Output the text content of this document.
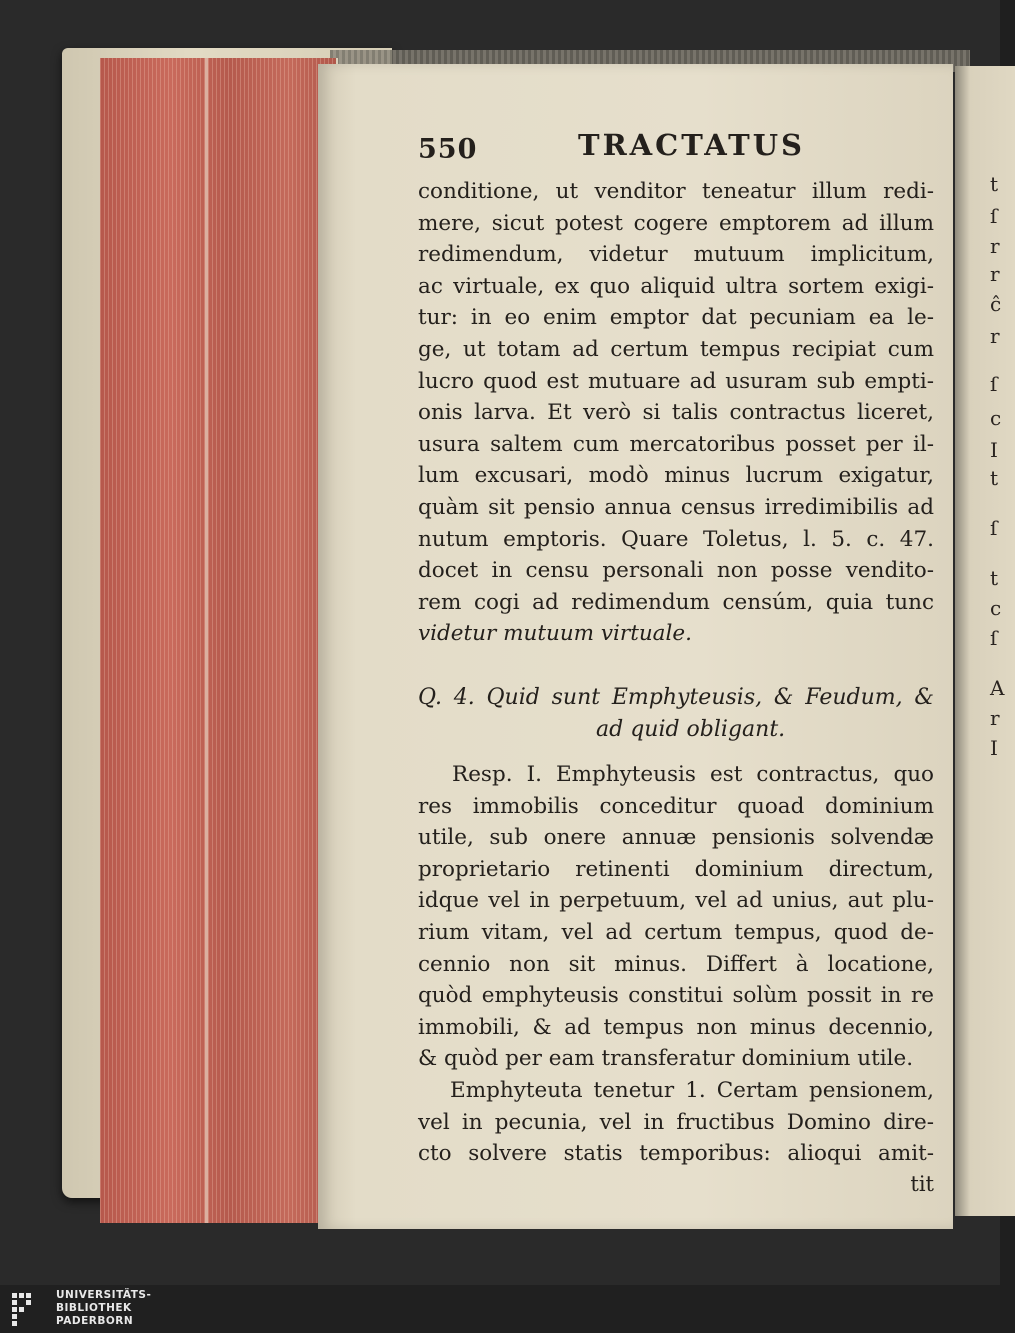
t
ſ
r
r
ĉ
r
ſ
c
I
t
ſ
t
c
ſ
A
r
I
550	TRACTATUS
conditione, ut venditor teneatur illum redi-
mere, sicut potest cogere emptorem ad illum
redimendum, videtur mutuum implicitum,
ac virtuale, ex quo aliquid ultra sortem exigi-
tur: in eo enim emptor dat pecuniam ea le-
ge, ut totam ad certum tempus recipiat cum
lucro quod est mutuare ad usuram sub empti-
onis larva. Et verò si talis contractus liceret,
usura saltem cum mercatoribus posset per il-
lum excusari, modò minus lucrum exigatur,
quàm sit pensio annua census irredimibilis ad
nutum emptoris. Quare Toletus, l. 5. c. 47.
docet in censu personali non posse vendito-
rem cogi ad redimendum censúm, quia tunc
videtur mutuum virtuale.
Q. 4. Quid sunt Emphyteusis, & Feudum, &
ad quid obligant.
Resp. I. Emphyteusis est contractus, quo
res immobilis conceditur quoad dominium
utile, sub onere annuæ pensionis solvendæ
proprietario retinenti dominium directum,
idque vel in perpetuum, vel ad unius, aut plu-
rium vitam, vel ad certum tempus, quod de-
cennio non sit minus. Differt à locatione,
quòd emphyteusis constitui solùm possit in re
immobili, & ad tempus non minus decennio,
& quòd per eam transferatur dominium utile.
Emphyteuta tenetur 1. Certam pensionem,
vel in pecunia, vel in fructibus Domino dire-
cto solvere statis temporibus: alioqui amit-
tit
UNIVERSITÄTS-
BIBLIOTHEK
PADERBORN
